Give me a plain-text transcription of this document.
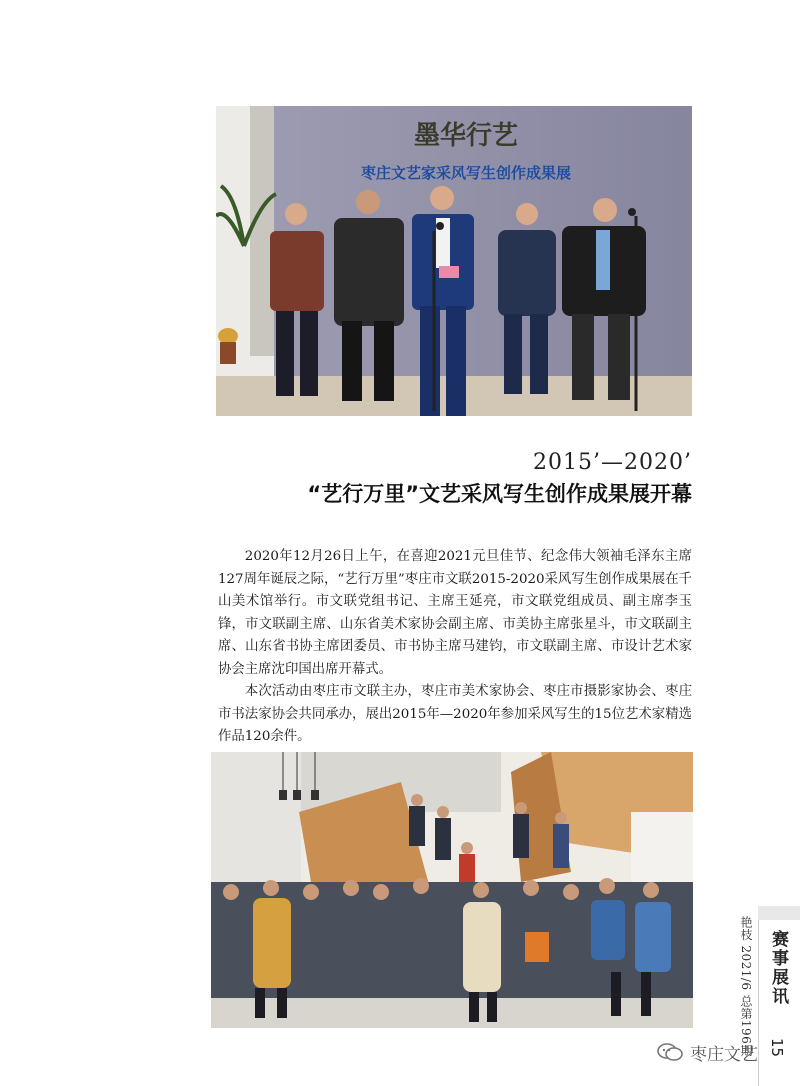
墨华行艺
枣庄文艺家采风写生创作成果展
2015’—2020’
“艺行万里”文艺采风写生创作成果展开幕

2020年12月26日上午，在喜迎2021元旦佳节、纪念伟大领袖毛泽东主席127周年诞辰之际，“艺行万里”枣庄市文联2015-2020采风写生创作成果展在千山美术馆举行。市文联党组书记、主席王延亮，市文联党组成员、副主席李玉锋，市文联副主席、山东省美术家协会副主席、市美协主席张星斗，市文联副主席、山东省书协主席团委员、市书协主席马建钧，市文联副主席、市设计艺术家协会主席沈印国出席开幕式。

本次活动由枣庄市文联主办，枣庄市美术家协会、枣庄市摄影家协会、枣庄市书法家协会共同承办，展出2015年—2020年参加采风写生的15位艺术家精选作品120余件。

艳枝 2021/6 总第196期 赛事展讯
15
枣庄文艺
